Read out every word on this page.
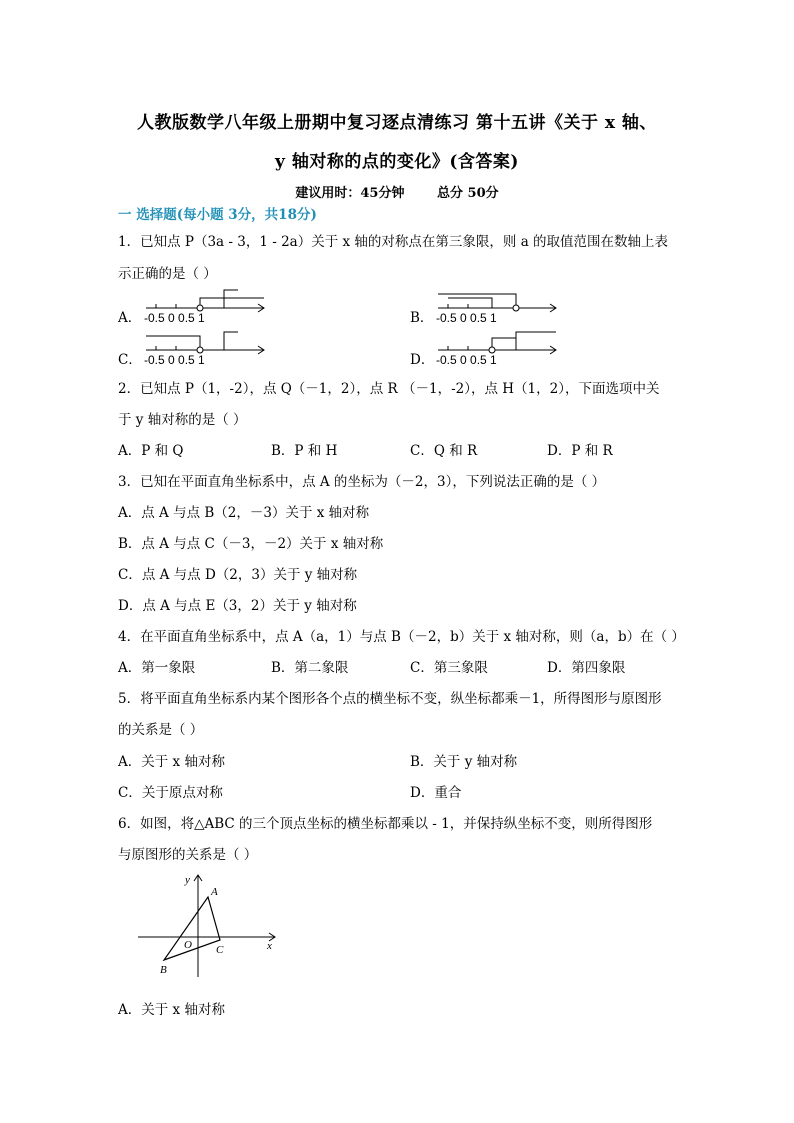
人教版数学八年级上册期中复习逐点清练习 第十五讲《关于 x 轴、
y 轴对称的点的变化》(含答案)
建议用时：45分钟	总分 50分
一 选择题(每小题 3分，共18分)
1．已知点 P（3a - 3，1 - 2a）关于 x 轴的对称点在第三象限，则 a 的取值范围在数轴上表
示正确的是（ ）
A． -0.5 0 0.5 1	B． -0.5 0 0.5 1
C． -0.5 0 0.5 1	D． -0.5 0 0.5 1
2．已知点 P（1，-2），点 Q（－1，2），点 R （－1，-2），点 H（1，2），下面选项中关
于 y 轴对称的是（ ）
A．P 和 Q	B．P 和 H	C．Q 和 R	D．P 和 R
3．已知在平面直角坐标系中，点 A 的坐标为（－2，3），下列说法正确的是（ ）
A．点 A 与点 B（2，－3）关于 x 轴对称
B．点 A 与点 C（－3，－2）关于 x 轴对称
C．点 A 与点 D（2，3）关于 y 轴对称
D．点 A 与点 E（3，2）关于 y 轴对称
4．在平面直角坐标系中，点 A（a，1）与点 B（－2，b）关于 x 轴对称，则（a，b）在（ ）
A．第一象限	B．第二象限	C．第三象限	D．第四象限
5．将平面直角坐标系内某个图形各个点的横坐标不变，纵坐标都乘－1，所得图形与原图形
的关系是（ ）
A．关于 x 轴对称	B．关于 y 轴对称
C．关于原点对称	D．重合
6．如图，将△ABC 的三个顶点坐标的横坐标都乘以 - 1，并保持纵坐标不变，则所得图形
与原图形的关系是（ ）
y
x
A
O C
B
A．关于 x 轴对称
